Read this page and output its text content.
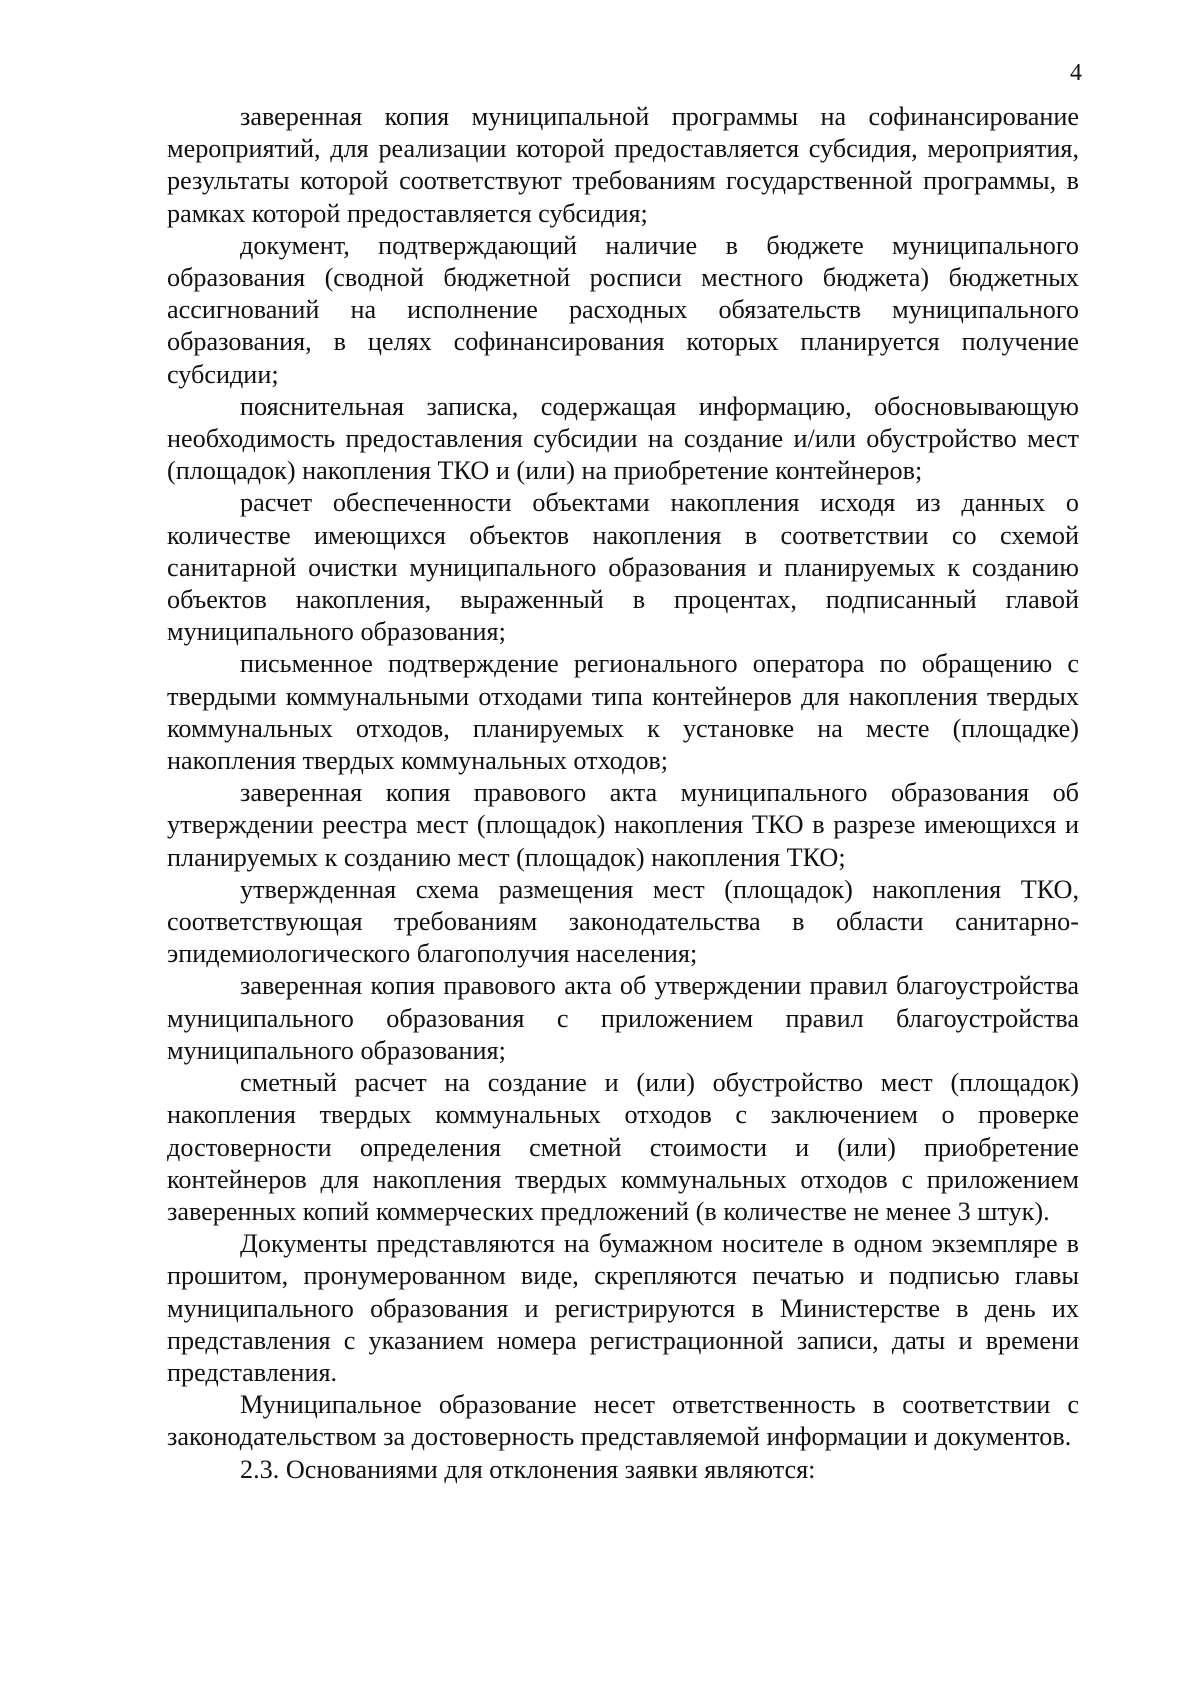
4

заверенная копия муниципальной программы на софинансирование мероприятий, для реализации которой предоставляется субсидия, мероприятия, результаты которой соответствуют требованиям государственной программы, в рамках которой предоставляется субсидия;

документ, подтверждающий наличие в бюджете муниципального образования (сводной бюджетной росписи местного бюджета) бюджетных ассигнований на исполнение расходных обязательств муниципального образования, в целях софинансирования которых планируется получение субсидии;

пояснительная записка, содержащая информацию, обосновывающую необходимость предоставления субсидии на создание и/или обустройство мест (площадок) накопления ТКО и (или) на приобретение контейнеров;

расчет обеспеченности объектами накопления исходя из данных о количестве имеющихся объектов накопления в соответствии со схемой санитарной очистки муниципального образования и планируемых к созданию объектов накопления, выраженный в процентах, подписанный главой муниципального образования;

письменное подтверждение регионального оператора по обращению с твердыми коммунальными отходами типа контейнеров для накопления твердых коммунальных отходов, планируемых к установке на месте (площадке) накопления твердых коммунальных отходов;

заверенная копия правового акта муниципального образования об утверждении реестра мест (площадок) накопления ТКО в разрезе имеющихся и планируемых к созданию мест (площадок) накопления ТКО;

утвержденная схема размещения мест (площадок) накопления ТКО, соответствующая требованиям законодательства в области санитарно-эпидемиологического благополучия населения;

заверенная копия правового акта об утверждении правил благоустройства муниципального образования с приложением правил благоустройства муниципального образования;

сметный расчет на создание и (или) обустройство мест (площадок) накопления твердых коммунальных отходов с заключением о проверке достоверности определения сметной стоимости и (или) приобретение контейнеров для накопления твердых коммунальных отходов с приложением заверенных копий коммерческих предложений (в количестве не менее 3 штук).

Документы представляются на бумажном носителе в одном экземпляре в прошитом, пронумерованном виде, скрепляются печатью и подписью главы муниципального образования и регистрируются в Министерстве в день их представления с указанием номера регистрационной записи, даты и времени представления.

Муниципальное образование несет ответственность в соответствии с законодательством за достоверность представляемой информации и документов.

2.3. Основаниями для отклонения заявки являются:
